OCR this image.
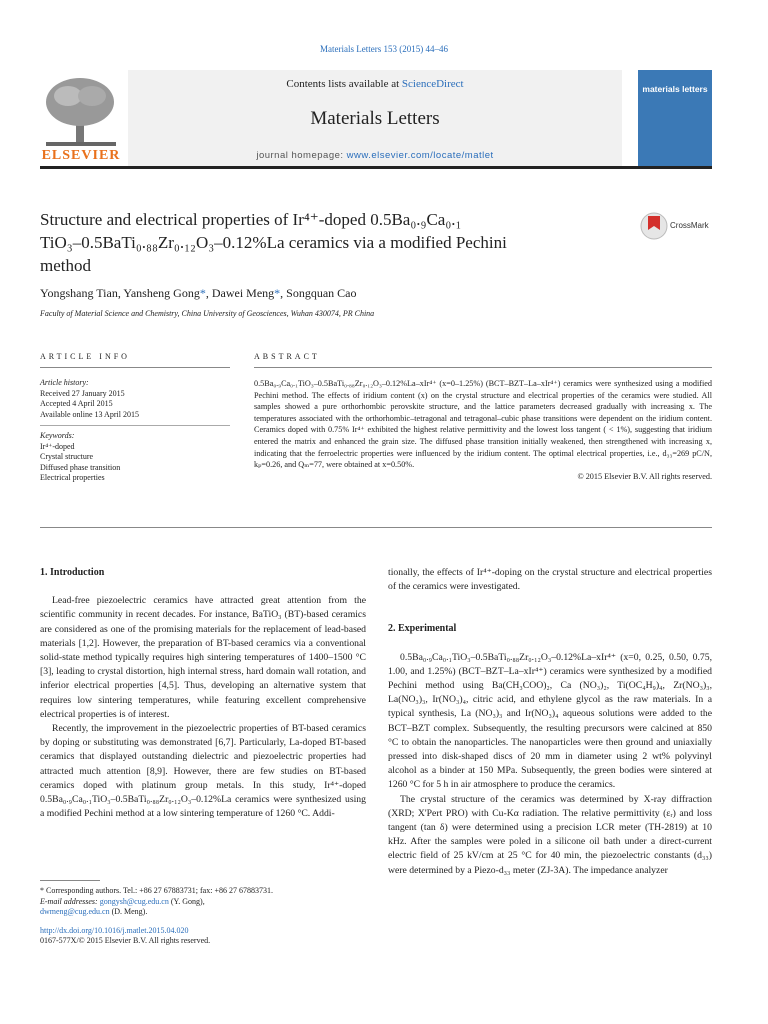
Materials Letters 153 (2015) 44–46
ELSEVIER
Contents lists available at ScienceDirect
Materials Letters
journal homepage: www.elsevier.com/locate/matlet
materials letters
Structure and electrical properties of Ir⁴⁺-doped 0.5Ba₀.₉Ca₀.₁
TiO₃–0.5BaTi₀.₈₈Zr₀.₁₂O₃–0.12%La ceramics via a modified Pechini
method
CrossMark
Yongshang Tian, Yansheng Gong*, Dawei Meng*, Songquan Cao
Faculty of Material Science and Chemistry, China University of Geosciences, Wuhan 430074, PR China
ARTICLE INFO	ABSTRACT
Article history:
Received 27 January 2015
Accepted 4 April 2015
Available online 13 April 2015
Keywords:
Ir⁴⁺-doped
Crystal structure
Diffused phase transition
Electrical properties
0.5Ba₀.₉Ca₀.₁TiO₃–0.5BaTi₀.₈₈Zr₀.₁₂O₃–0.12%La–xIr⁴⁺ (x=0–1.25%) (BCT–BZT–La–xIr⁴⁺) ceramics were synthesized using a modified Pechini method. The effects of iridium content (x) on the crystal structure and electrical properties of the ceramics were studied. All samples showed a pure orthorhombic perovskite structure, and the lattice parameters decreased gradually with increasing x. The temperatures associated with the orthorhombic–tetragonal and tetragonal–cubic phase transitions were dependent on the iridium content. Ceramics doped with 0.75% Ir⁴⁺ exhibited the highest relative permittivity and the lowest loss tangent ( < 1%), suggesting that iridium entered the matrix and enhanced the grain size. The diffused phase transition initially weakened, then strengthened with increasing x, indicating that the ferroelectric properties were influenced by the iridium content. The optimal electrical properties, i.e., d₃₃=269 pC/N, kₚ=0.26, and Qₘ=77, were obtained at x=0.50%.
© 2015 Elsevier B.V. All rights reserved.
1. Introduction

Lead-free piezoelectric ceramics have attracted great attention from the scientific community in recent decades. For instance, BaTiO₃ (BT)-based ceramics are considered as one of the promising materials for the replacement of lead-based materials [1,2]. However, the preparation of BT-based ceramics via a conventional solid-state method typically requires high sintering temperatures of 1400–1500 °C [3], leading to crystal distortion, high internal stress, hard domain wall rotation, and inferior electrical properties [4,5]. Thus, developing an alternative system that requires low sintering temperatures, while featuring excellent comprehensive electrical properties is of interest.

Recently, the improvement in the piezoelectric properties of BT-based ceramics by doping or substituting was demonstrated [6,7]. Particularly, La-doped BT-based ceramics that displayed outstanding dielectric and piezoelectric properties had attracted much attention [8,9]. However, there are few studies on BT-based ceramics doped with platinum group metals. In this study, Ir⁴⁺-doped 0.5Ba₀.₉Ca₀.₁TiO₃–0.5BaTi₀.₈₈Zr₀.₁₂O₃–0.12%La ceramics were synthesized using a modified Pechini method at a low sintering temperature of 1260 °C. Addi-

tionally, the effects of Ir⁴⁺-doping on the crystal structure and electrical properties of the ceramics were investigated.
2. Experimental

0.5Ba₀.₉Ca₀.₁TiO₃–0.5BaTi₀.₈₈Zr₀.₁₂O₃–0.12%La–xIr⁴⁺ (x=0, 0.25, 0.50, 0.75, 1.00, and 1.25%) (BCT–BZT–La–xIr⁴⁺) ceramics were synthesized by a modified Pechini method using Ba(CH₃COO)₂, Ca (NO₃)₂, Ti(OC₄H₉)₄, Zr(NO₃)₃, La(NO₃)₃, Ir(NO₃)₄, citric acid, and ethylene glycol as the raw materials. In a typical synthesis, La (NO₃)₃ and Ir(NO₃)₄ aqueous solutions were added to the BCT–BZT complex. Subsequently, the resulting precursors were calcined at 850 °C to obtain the nanoparticles. The nanoparticles were then ground and uniaxially pressed into disk-shaped discs of 20 mm in diameter using 2 wt% polyvinyl alcohol as a binder at 150 MPa. Subsequently, the green bodies were sintered at 1260 °C for 5 h in air atmosphere to produce the ceramics.

The crystal structure of the ceramics was determined by X-ray diffraction (XRD; X'Pert PRO) with Cu-Kα radiation. The relative permittivity (εᵣ) and loss tangent (tan δ) were determined using a precision LCR meter (TH-2819) at 10 kHz. After the samples were poled in a silicone oil bath under a direct-current electric field of 25 kV/cm at 25 °C for 40 min, the piezoelectric constants (d₃₃) were determined by a Piezo-d₃₃ meter (ZJ-3A). The impedance analyzer

* Corresponding authors. Tel.: +86 27 67883731; fax: +86 27 67883731.
E-mail addresses: gongysh@cug.edu.cn (Y. Gong),
dwmeng@cug.edu.cn (D. Meng).
http://dx.doi.org/10.1016/j.matlet.2015.04.020
0167-577X/© 2015 Elsevier B.V. All rights reserved.
